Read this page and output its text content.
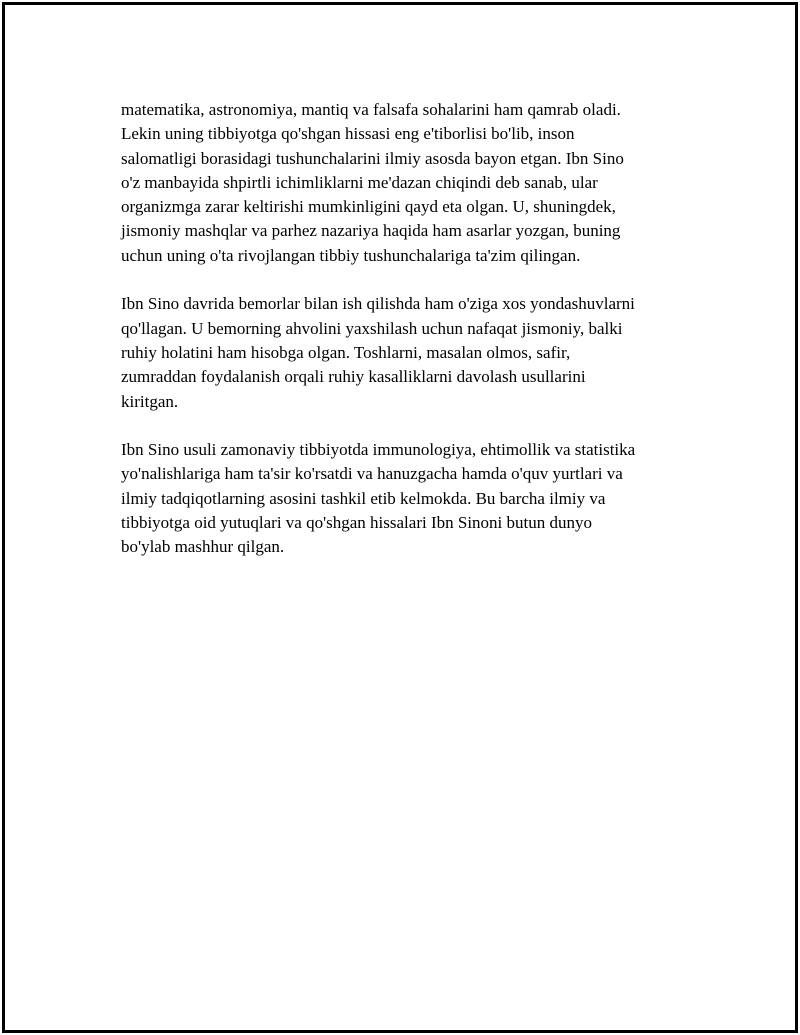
matematika, astronomiya, mantiq va falsafa sohalarini ham qamrab oladi.
Lekin uning tibbiyotga qo'shgan hissasi eng e'tiborlisi bo'lib, inson
salomatligi borasidagi tushunchalarini ilmiy asosda bayon etgan. Ibn Sino
o'z manbayida shpirtli ichimliklarni me'dazan chiqindi deb sanab, ular
organizmga zarar keltirishi mumkinligini qayd eta olgan. U, shuningdek,
jismoniy mashqlar va parhez nazariya haqida ham asarlar yozgan, buning
uchun uning o'ta rivojlangan tibbiy tushunchalariga ta'zim qilingan.

Ibn Sino davrida bemorlar bilan ish qilishda ham o'ziga xos yondashuvlarni
qo'llagan. U bemorning ahvolini yaxshilash uchun nafaqat jismoniy, balki
ruhiy holatini ham hisobga olgan. Toshlarni, masalan olmos, safir,
zumraddan foydalanish orqali ruhiy kasalliklarni davolash usullarini
kiritgan.

Ibn Sino usuli zamonaviy tibbiyotda immunologiya, ehtimollik va statistika
yo'nalishlariga ham ta'sir ko'rsatdi va hanuzgacha hamda o'quv yurtlari va
ilmiy tadqiqotlarning asosini tashkil etib kelmokda. Bu barcha ilmiy va
tibbiyotga oid yutuqlari va qo'shgan hissalari Ibn Sinoni butun dunyo
bo'ylab mashhur qilgan.
